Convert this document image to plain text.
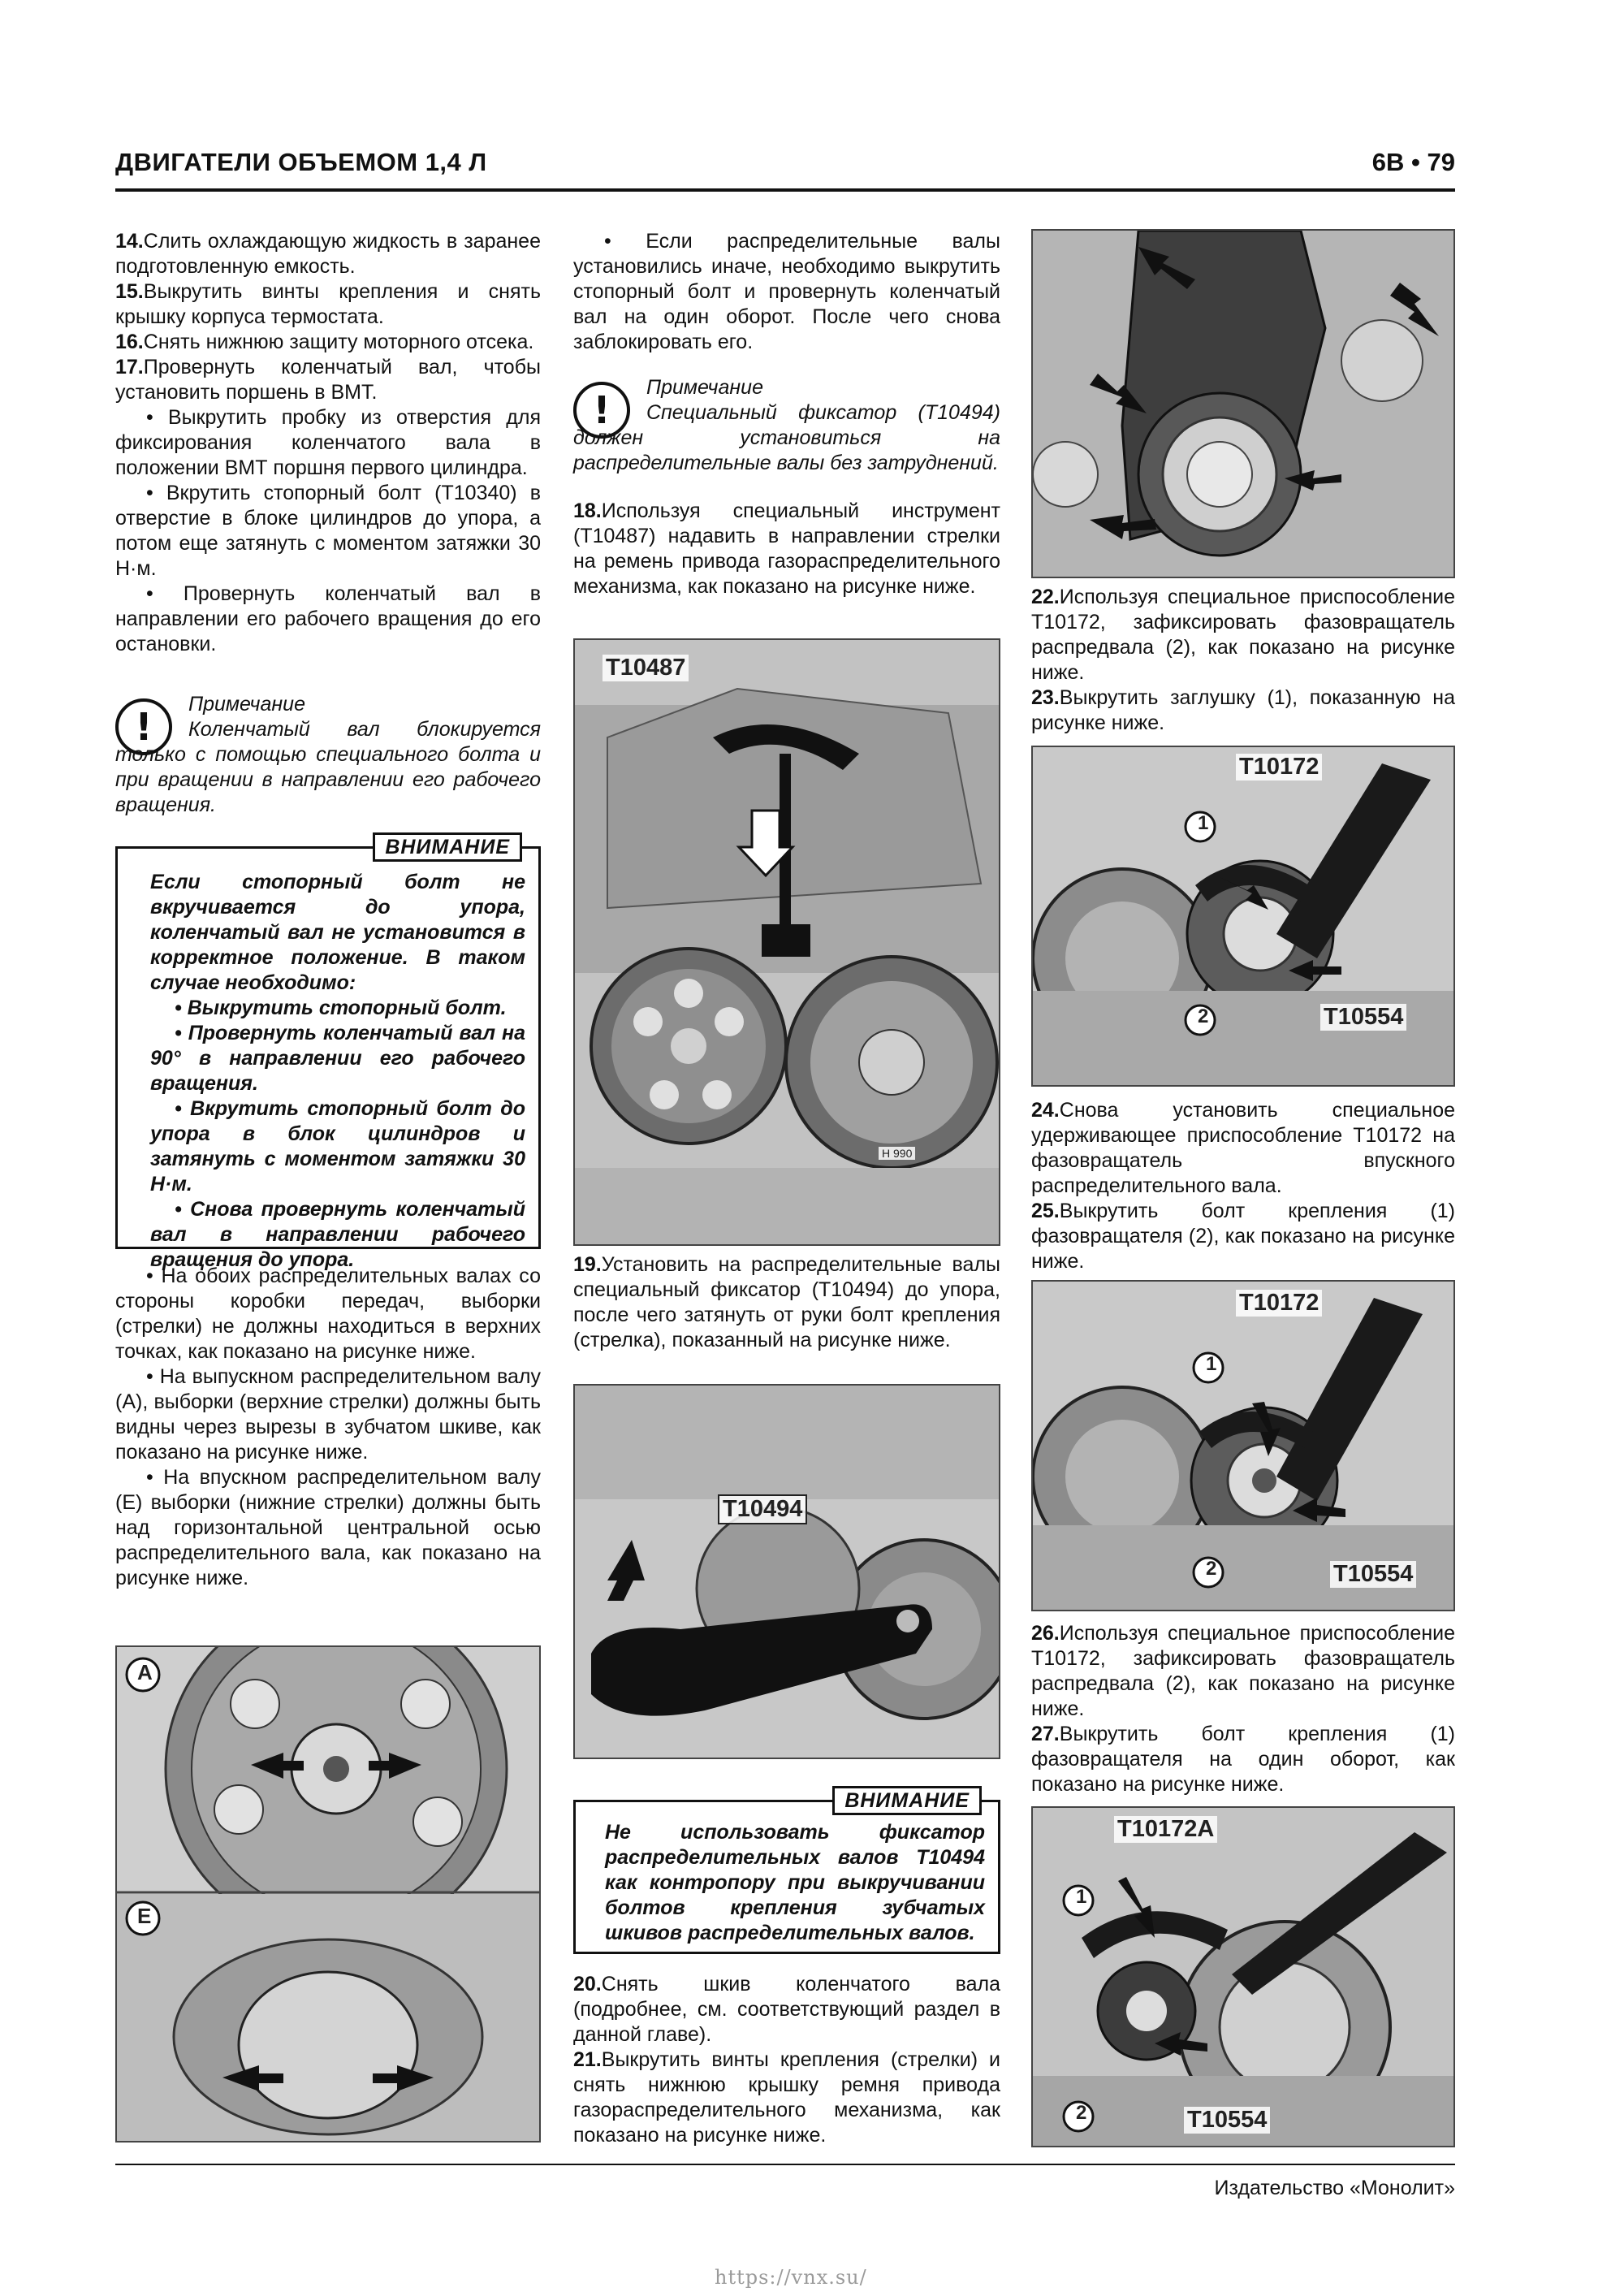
ДВИГАТЕЛИ ОБЪЕМОМ 1,4 Л	6В • 79

14.Слить охлаждающую жидкость в заранее подготовленную емкость.

15.Выкрутить винты крепления и снять крышку корпуса термостата.

16.Снять нижнюю защиту моторного отсека.

17.Провернуть коленчатый вал, чтобы установить поршень в ВМТ.

• Выкрутить пробку из отверстия для фиксирования коленчатого вала в положении ВМТ поршня первого цилиндра.

• Вкрутить стопорный болт (T10340) в отверстие в блоке цилиндров до упора, а потом еще затянуть с моментом затяжки 30 Н·м.

• Провернуть коленчатый вал в направлении его рабочего вращения до его остановки.

!
Примечание
Коленчатый вал блокируется только с помощью специального болта и при вращении в направлении его рабочего вращения.
ВНИМАНИЕ

Если стопорный болт не вкручивается до упора, коленчатый вал не установится в корректное положение. В таком случае необходимо:

• Выкрутить стопорный болт.

• Провернуть коленчатый вал на 90° в направлении его рабочего вращения.

• Вкрутить стопорный болт до упора в блок цилиндров и затянуть с моментом затяжки 30 Н·м.

• Снова провернуть коленчатый вал в направлении рабочего вращения до упора.

• На обоих распределительных валах со стороны коробки передач, выборки (стрелки) не должны находиться в верхних точках, как показано на рисунке ниже.

• На выпускном распределительном валу (А), выборки (верхние стрелки) должны быть видны через вырезы в зубчатом шкиве, как показано на рисунке ниже.

• На впускном распределительном валу (Е) выборки (нижние стрелки) должны быть над горизонтальной центральной осью распределительного вала, как показано на рисунке ниже.

A
E

• Если распределительные валы установились иначе, необходимо выкрутить стопорный болт и провернуть коленчатый вал на один оборот. После чего снова заблокировать его.

!
Примечание
Специальный фиксатор (T10494) должен установиться на распределительные валы без затруднений.

18.Используя специальный инструмент (T10487) надавить в направлении стрелки на ремень привода газораспределительного механизма, как показано на рисунке ниже.

T10487
H 990

19.Установить на распределительные валы специальный фиксатор (T10494) до упора, после чего затянуть от руки болт крепления (стрелка), показанный на рисунке ниже.

T10494
ВНИМАНИЕ

Не использовать фиксатор распределительных валов T10494 как контропору при выкручивании болтов крепления зубчатых шкивов распределительных валов.

20.Снять шкив коленчатого вала (подробнее, см. соответствующий раздел в данной главе).

21.Выкрутить винты крепления (стрелки) и снять нижнюю крышку ремня привода газораспределительного механизма, как показано на рисунке ниже.

22.Используя специальное приспособление T10172, зафиксировать фазовращатель распредвала (2), как показано на рисунке ниже.

23.Выкрутить заглушку (1), показанную на рисунке ниже.

T10172
T10554
1
2

24.Снова установить специальное удерживающее приспособление T10172 на фазовращатель впускного распределительного вала.

25.Выкрутить болт крепления (1) фазовращателя (2), как показано на рисунке ниже.

T10172
T10554
1
2

26.Используя специальное приспособление T10172, зафиксировать фазовращатель распредвала (2), как показано на рисунке ниже.

27.Выкрутить болт крепления (1) фазовращателя на один оборот, как показано на рисунке ниже.

T10172A
T10554
1
2
Издательство «Монолит»
https://vnx.su/
